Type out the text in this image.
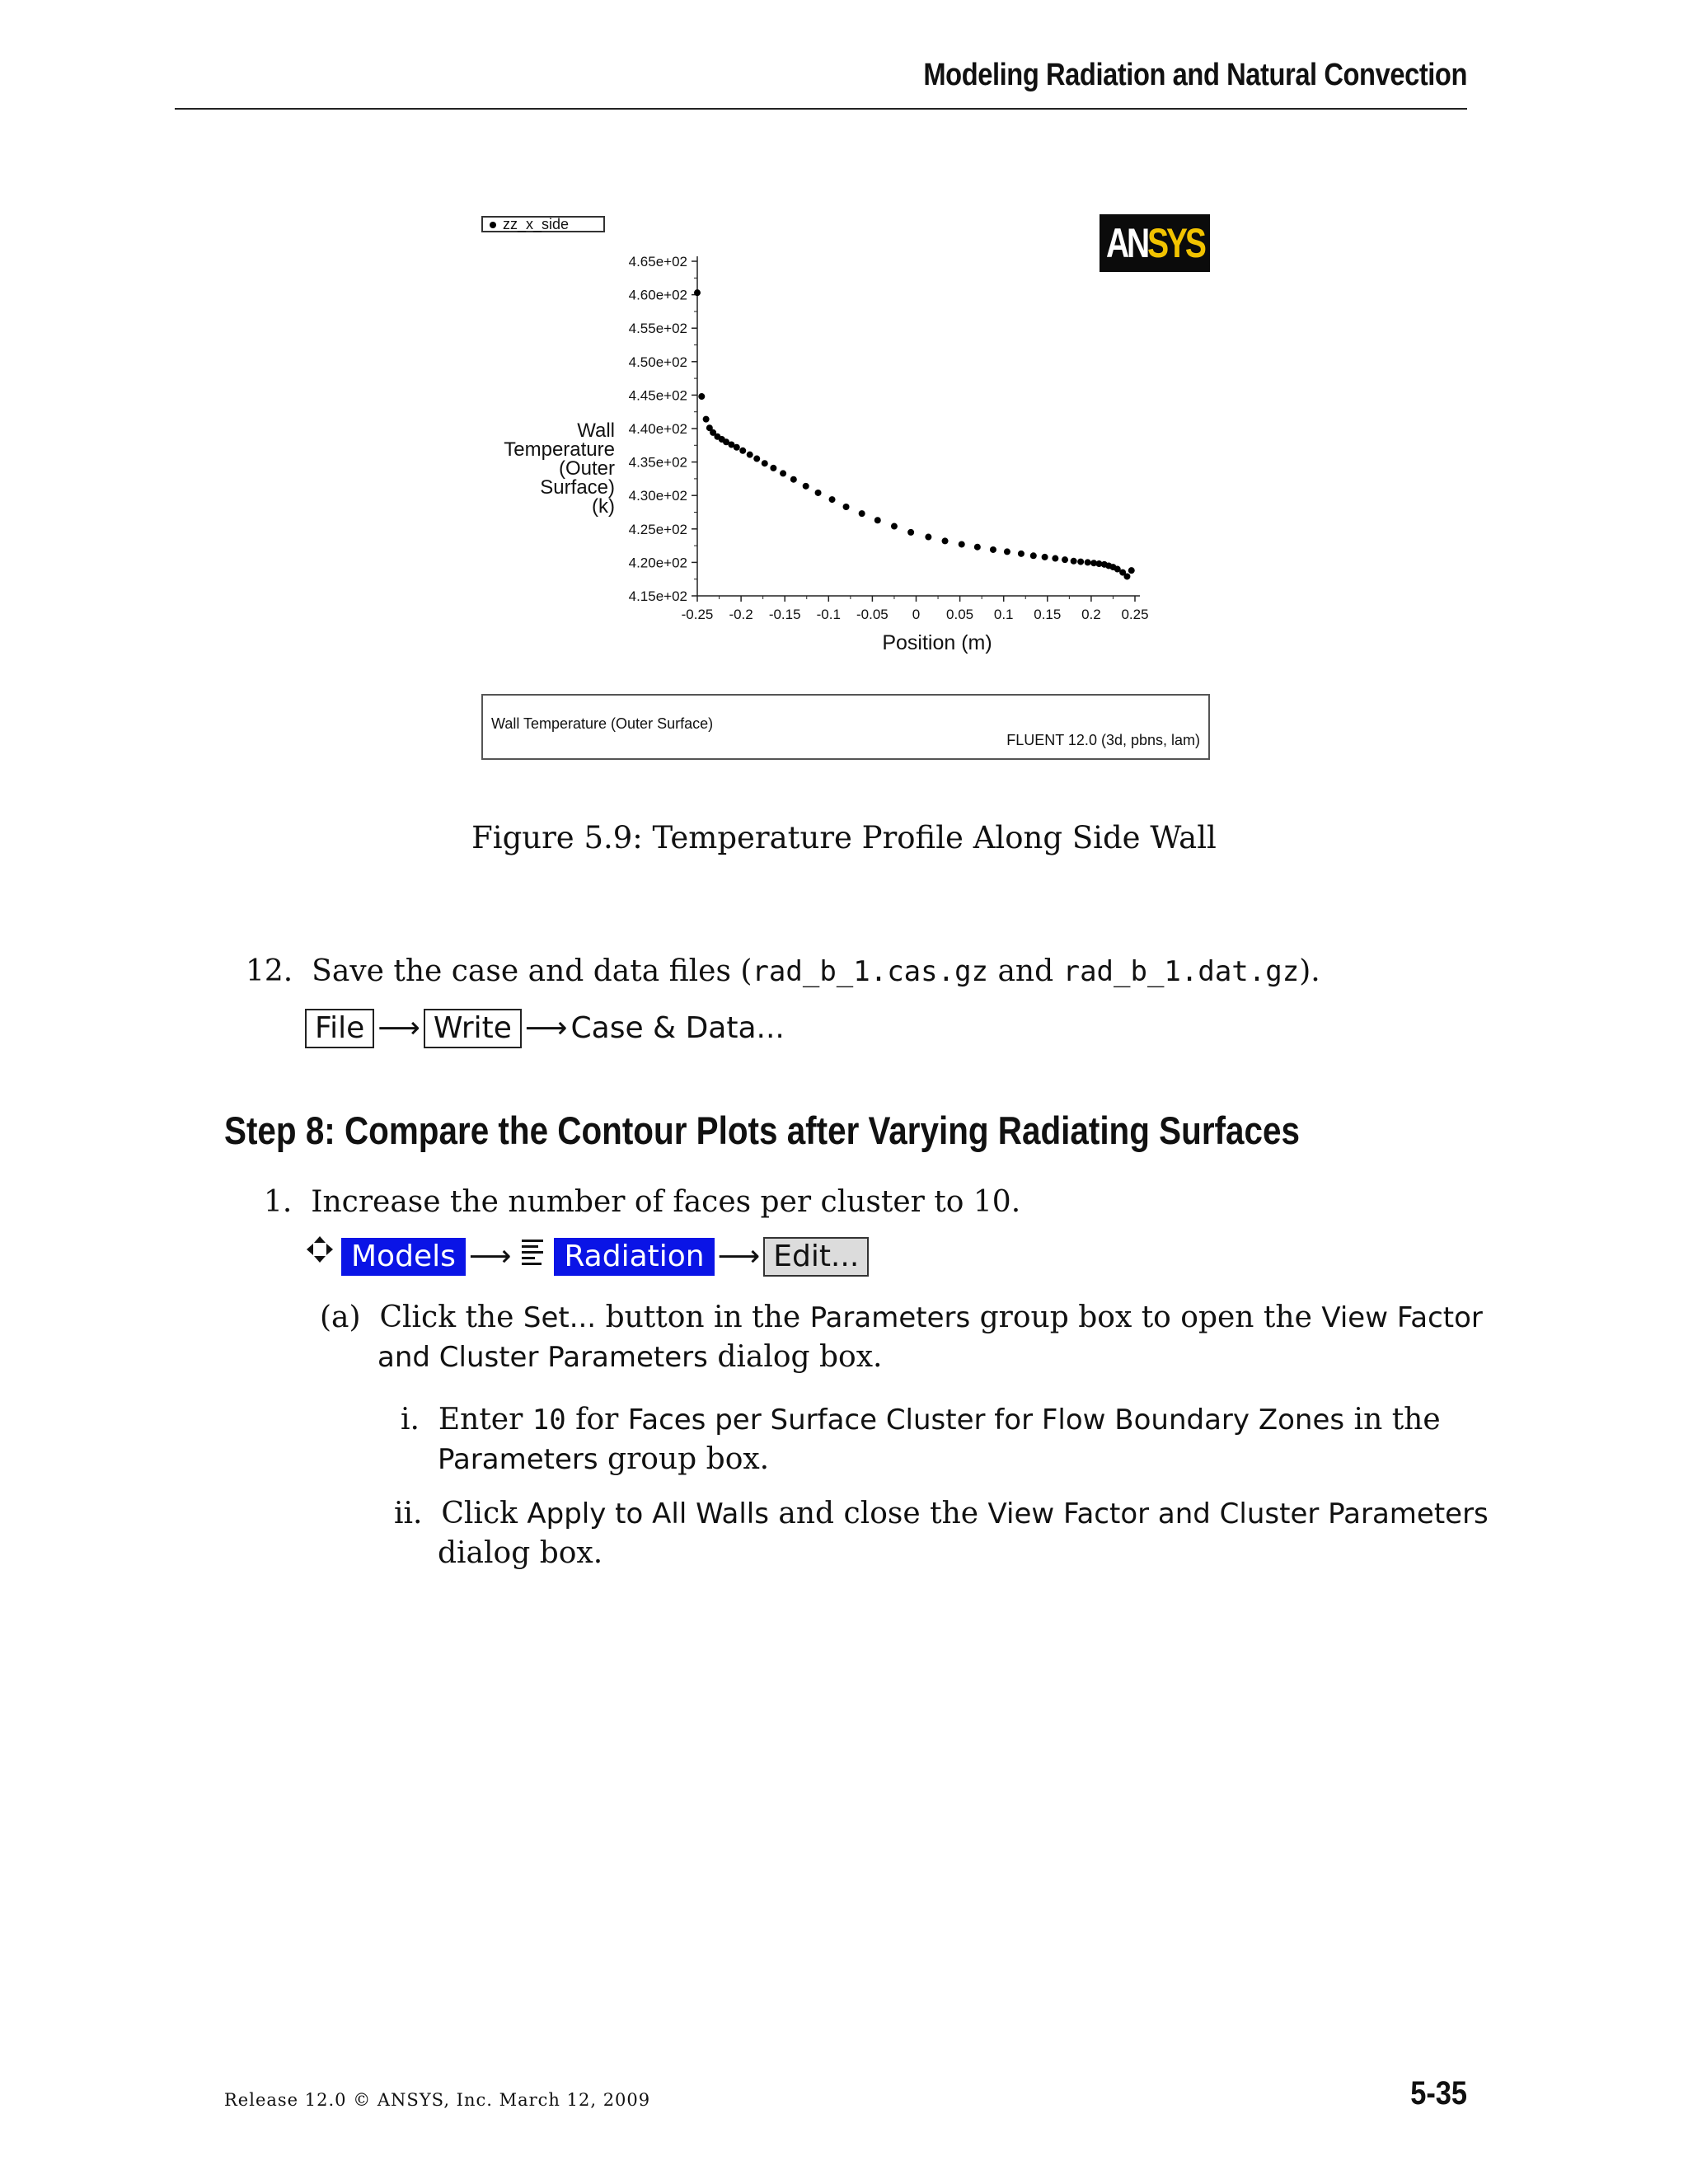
Modeling Radiation and Natural Convection
4.15e+02
4.20e+02
4.25e+02
4.30e+02
4.35e+02
4.40e+02
4.45e+02
4.50e+02
4.55e+02
4.60e+02
4.65e+02
-0.25 -0.2 -0.15 -0.1 -0.05 0 0.05 0.1 0.15 0.2 0.25
zz_x_side	ANSYS
Wall
Temperature
(Outer
Surface)
(k)
Position (m)
Wall Temperature (Outer Surface)
FLUENT 12.0 (3d, pbns, lam)
Figure 5.9: Temperature Profile Along Side Wall
12. Save the case and data files (rad_b_1.cas.gz and rad_b_1.dat.gz).
File ⟶ Write ⟶ Case & Data...
Step 8: Compare the Contour Plots after Varying Radiating Surfaces
1. Increase the number of faces per cluster to 10.
Models ⟶ Radiation ⟶ Edit...
(a) Click the Set... button in the Parameters group box to open the View Factor
and Cluster Parameters dialog box.
i. Enter 10 for Faces per Surface Cluster for Flow Boundary Zones in the
Parameters group box.
ii. Click Apply to All Walls and close the View Factor and Cluster Parameters
dialog box.
Release 12.0 © ANSYS, Inc. March 12, 2009	5-35
